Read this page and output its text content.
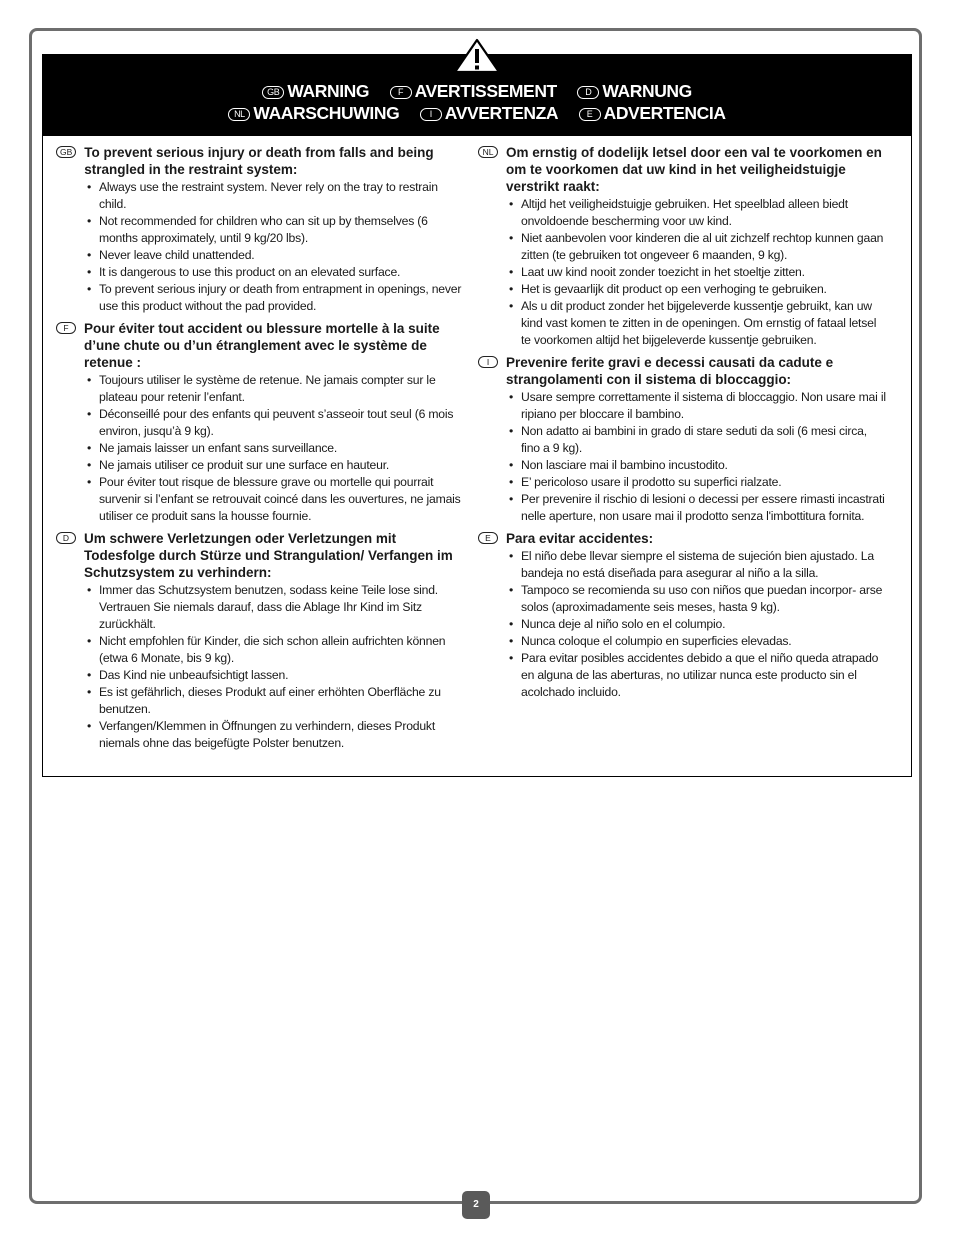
GB WARNING	F AVERTISSEMENT	D WARNUNG
NL WAARSCHUWING	I AVVERTENZA	E ADVERTENCIA
GB To prevent serious injury or death from falls and being strangled in the restraint system:
• Always use the restraint system. Never rely on the tray to restrain child.
• Not recommended for children who can sit up by themselves (6 months approximately, until 9 kg/20 lbs).
• Never leave child unattended.
• It is dangerous to use this product on an elevated surface.
• To prevent serious injury or death from entrapment in openings, never use this product without the pad provided.
F	Pour éviter tout accident ou blessure mortelle à la suite d’une chute ou d’un étranglement avec le système de retenue :
• Toujours utiliser le système de retenue. Ne jamais compter sur le plateau pour retenir l’enfant.
• Déconseillé pour des enfants qui peuvent s’asseoir tout seul (6 mois environ, jusqu’à 9 kg).
• Ne jamais laisser un enfant sans surveillance.
• Ne jamais utiliser ce produit sur une surface en hauteur.
• Pour éviter tout risque de blessure grave ou mortelle qui pourrait survenir si l’enfant se retrouvait coincé dans les ouvertures, ne jamais utiliser ce produit sans la housse fournie.
D	Um schwere Verletzungen oder Verletzungen mit Todesfolge durch Stürze und Strangulation/ Verfangen im Schutzsystem zu verhindern:
• Immer das Schutzsystem benutzen, sodass keine Teile lose sind. Vertrauen Sie niemals darauf, dass die Ablage Ihr Kind im Sitz zurückhält.
• Nicht empfohlen für Kinder, die sich schon allein aufrichten können (etwa 6 Monate, bis 9 kg).
• Das Kind nie unbeaufsichtigt lassen.
• Es ist gefährlich, dieses Produkt auf einer erhöhten Oberfläche zu benutzen.
• Verfangen/Klemmen in Öffnungen zu verhindern, dieses Produkt niemals ohne das beigefügte Polster benutzen.
NL Om ernstig of dodelijk letsel door een val te voorkomen en om te voorkomen dat uw kind in het veiligheidstuigje verstrikt raakt:
• Altijd het veiligheidstuigje gebruiken. Het speelblad alleen biedt onvoldoende bescherming voor uw kind.
• Niet aanbevolen voor kinderen die al uit zichzelf rechtop kunnen gaan zitten (te gebruiken tot ongeveer 6 maanden, 9 kg).
• Laat uw kind nooit zonder toezicht in het stoeltje zitten.
• Het is gevaarlijk dit product op een verhoging te gebruiken.
• Als u dit product zonder het bijgeleverde kussentje gebruikt, kan uw kind vast komen te zitten in de openingen. Om ernstig of fataal letsel te voorkomen altijd het bijgeleverde kussentje gebruiken.
I	Prevenire ferite gravi e decessi causati da cadute e strangolamenti con il sistema di bloccaggio:
• Usare sempre correttamente il sistema di bloccaggio. Non usare mai il ripiano per bloccare il bambino.
• Non adatto ai bambini in grado di stare seduti da soli (6 mesi circa, fino a 9 kg).
• Non lasciare mai il bambino incustodito.
• E’ pericoloso usare il prodotto su superfici rialzate.
• Per prevenire il rischio di lesioni o decessi per essere rimasti incastrati nelle aperture, non usare mai il prodotto senza l'imbottitura fornita.
E	Para evitar accidentes:
• El niño debe llevar siempre el sistema de sujeción bien ajustado. La bandeja no está diseñada para asegurar al niño a la silla.
• Tampoco se recomienda su uso con niños que puedan incorpor- arse solos (aproximadamente seis meses, hasta 9 kg).
• Nunca deje al niño solo en el columpio.
• Nunca coloque el columpio en superficies elevadas.
• Para evitar posibles accidentes debido a que el niño queda atrapado en alguna de las aberturas, no utilizar nunca este producto sin el acolchado incluido.
2
